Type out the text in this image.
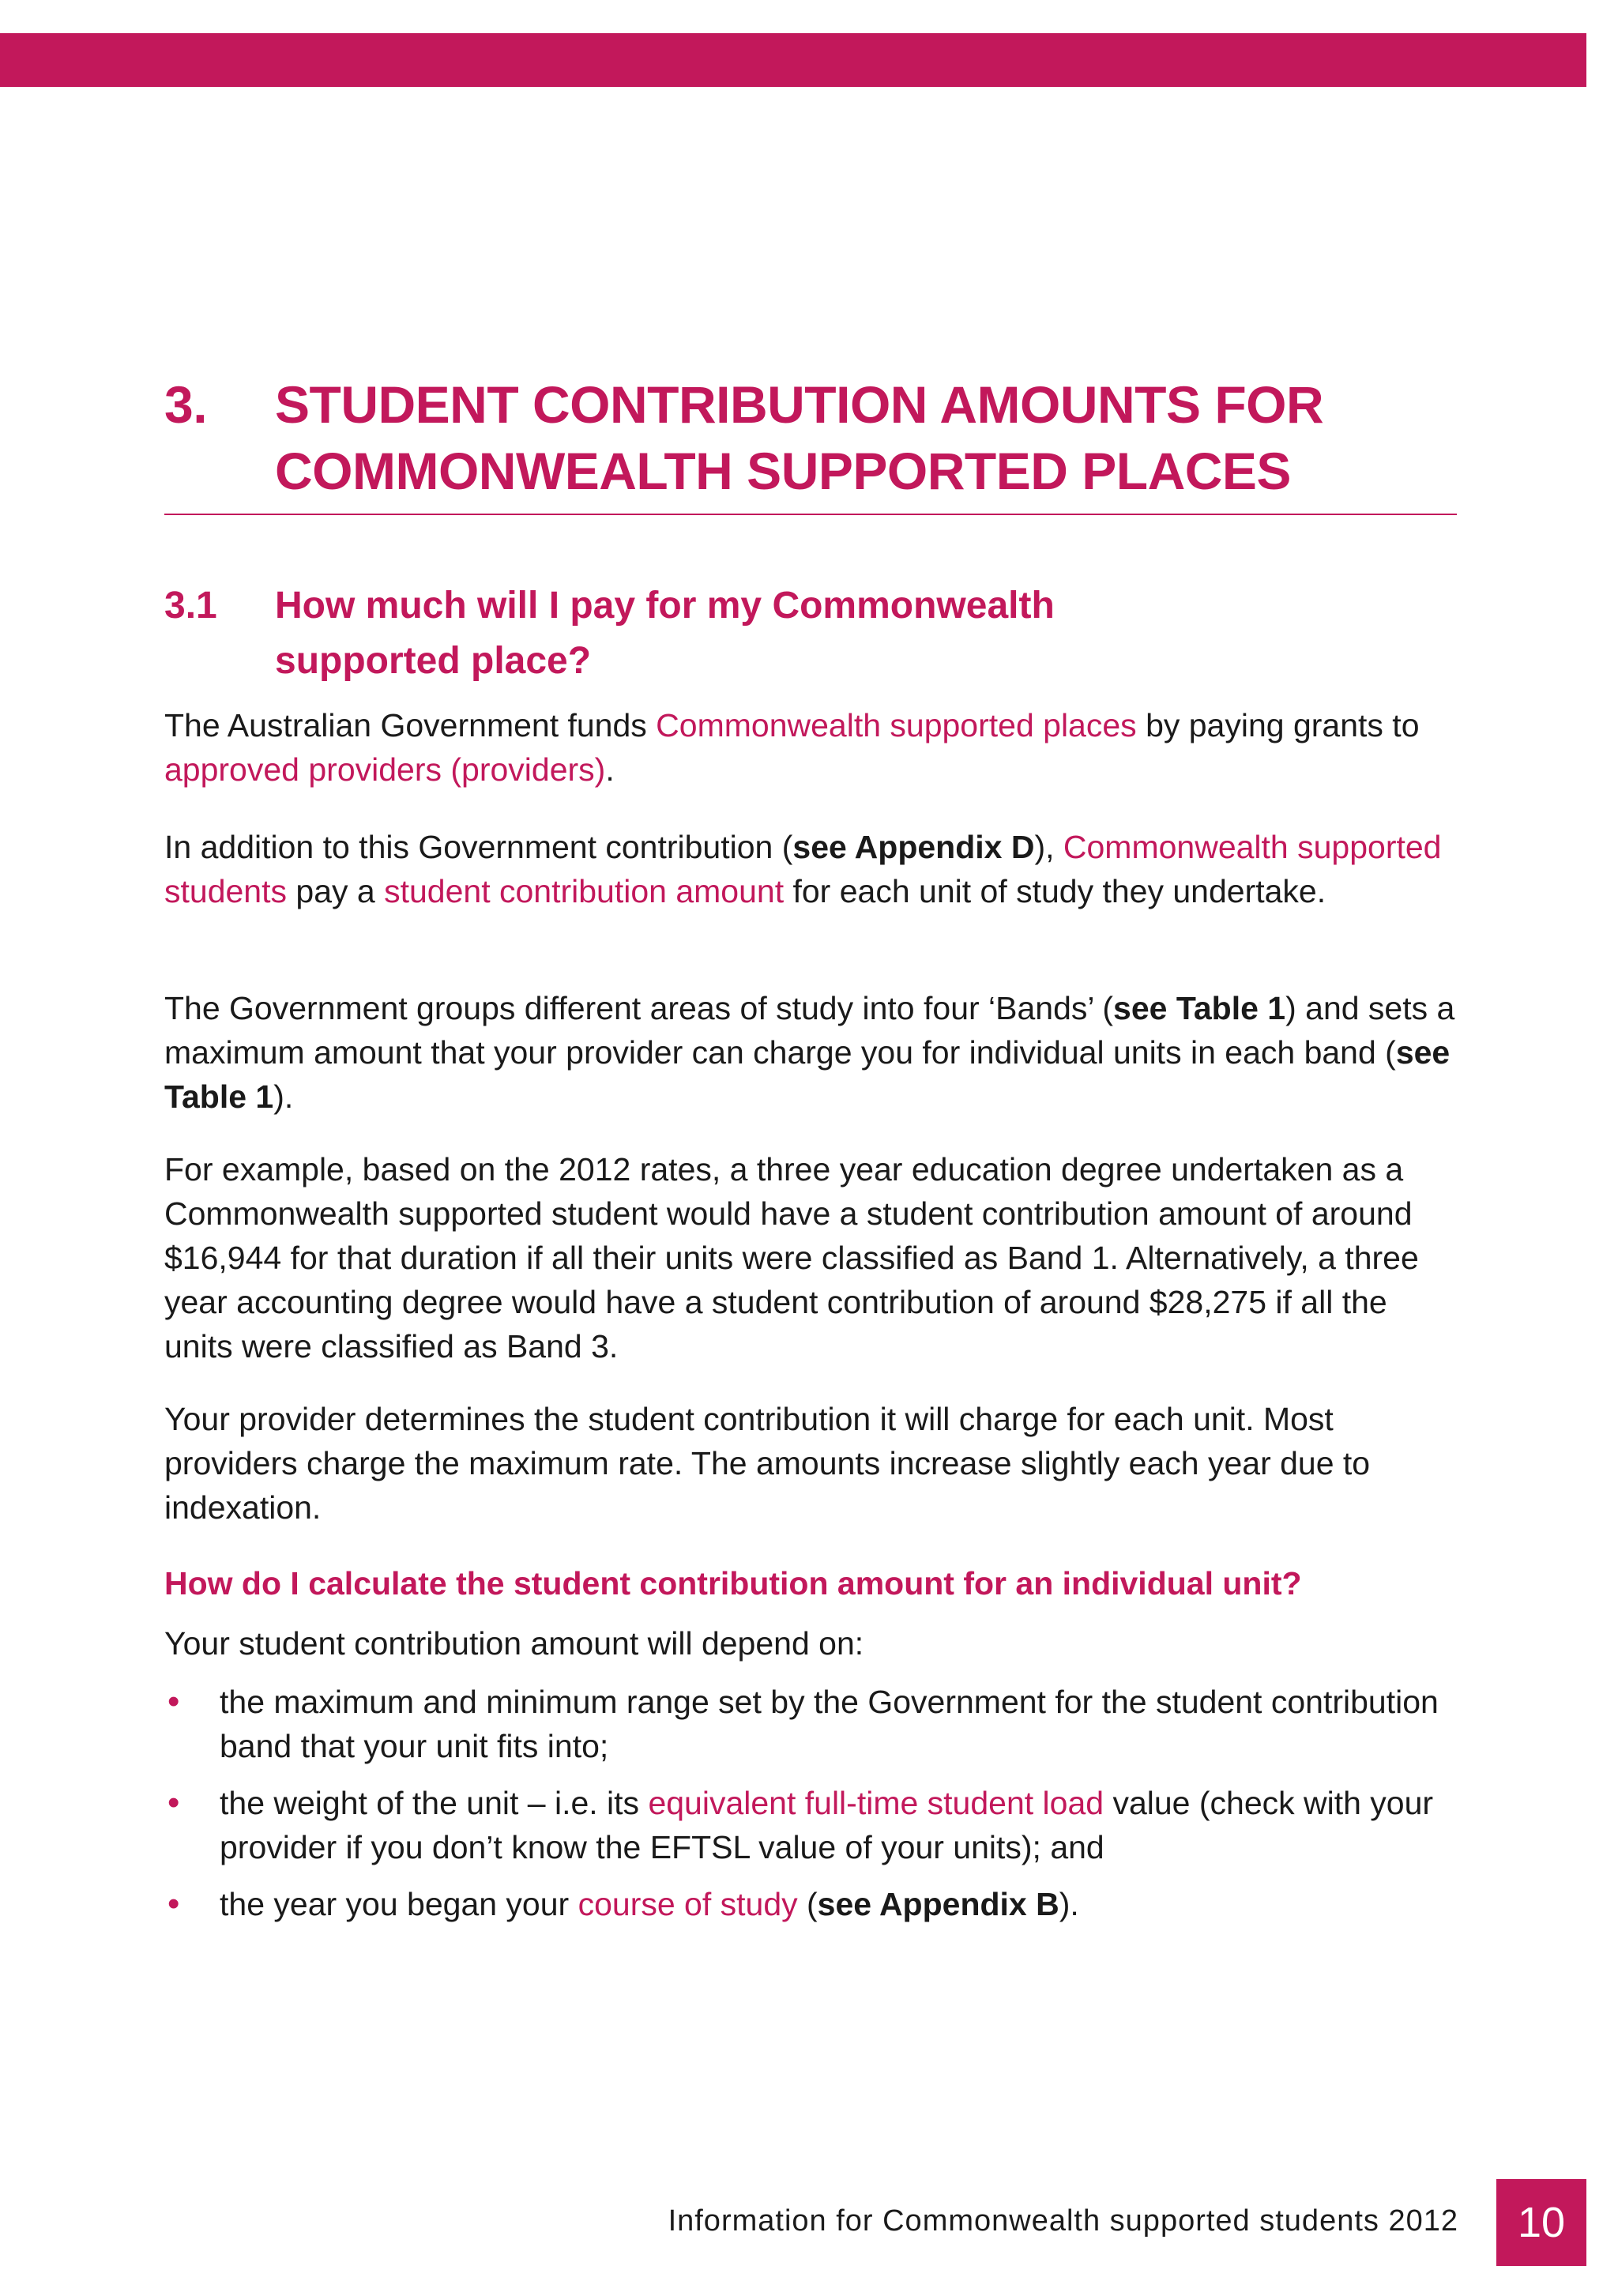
3.	STUDENT CONTRIBUTION AMOUNTS FOR
COMMONWEALTH SUPPORTED PLACES
3.1	How much will I pay for my Commonwealth
supported place?

The Australian Government funds Commonwealth supported places by paying grants to approved providers (providers).

In addition to this Government contribution (see Appendix D), Commonwealth supported students pay a student contribution amount for each unit of study they undertake.

The Government groups different areas of study into four ‘Bands’ (see Table 1) and sets a maximum amount that your provider can charge you for individual units in each band (see Table 1).

For example, based on the 2012 rates, a three year education degree undertaken as a Commonwealth supported student would have a student contribution amount of around $16,944 for that duration if all their units were classified as Band 1. Alternatively, a three year accounting degree would have a student contribution of around $28,275 if all the units were classified as Band 3.

Your provider determines the student contribution it will charge for each unit. Most providers charge the maximum rate. The amounts increase slightly each year due to indexation.

How do I calculate the student contribution amount for an individual unit?

Your student contribution amount will depend on:

• the maximum and minimum range set by the Government for the student contribution band that your unit fits into;
• the weight of the unit – i.e. its equivalent full-time student load value (check with your provider if you don’t know the EFTSL value of your units); and
• the year you began your course of study (see Appendix B).
Information for Commonwealth supported students 2012	10
